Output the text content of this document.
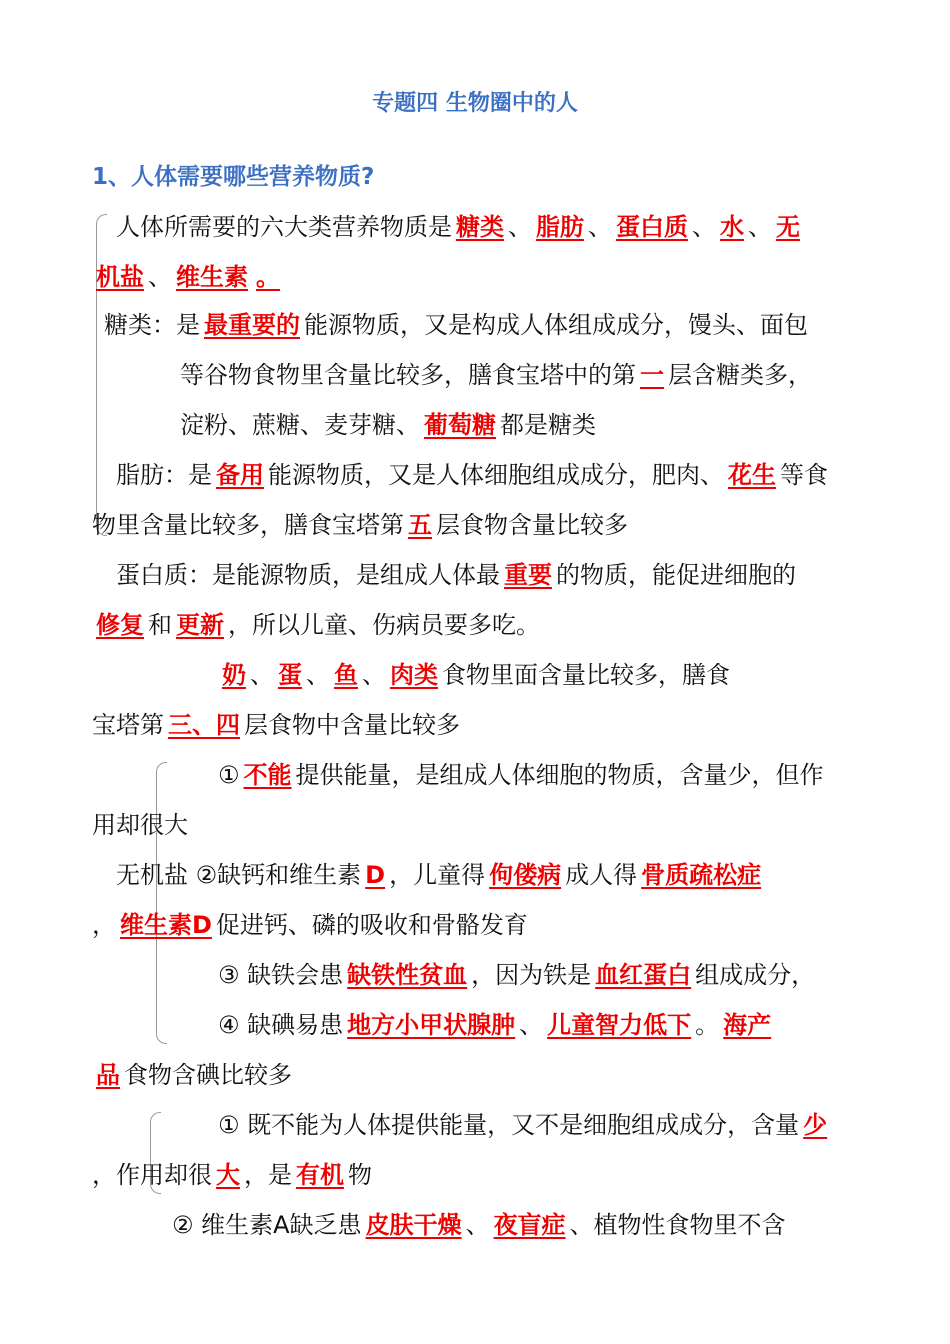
专题四 生物圈中的人
1、人体需要哪些营养物质?
人体所需要的六大类营养物质是 糖类 、 脂肪 、 蛋白质 、 水 、 无
机盐 、 维生素 。
糖类：是 最重要的 能源物质，又是构成人体组成成分，馒头、面包
等谷物食物里含量比较多，膳食宝塔中的第 一 层含糖类多，
淀粉、蔗糖、麦芽糖、 葡萄糖 都是糖类
脂肪：是 备用 能源物质，又是人体细胞组成成分，肥肉、 花生 等食
物里含量比较多，膳食宝塔第 五 层食物含量比较多
蛋白质：是能源物质，是组成人体最 重要 的物质，能促进细胞的
修复 和 更新 ，所以儿童、伤病员要多吃。
奶 、 蛋 、 鱼 、 肉类 食物里面含量比较多，膳食
宝塔第 三、四 层食物中含量比较多
① 不能 提供能量，是组成人体细胞的物质，含量少，但作
用却很大
无机盐 ②缺钙和维生素 D ，儿童得 佝偻病 成人得 骨质疏松症
， 维生素D 促进钙、磷的吸收和骨骼发育
③ 缺铁会患 缺铁性贫血 ，因为铁是 血红蛋白 组成成分，
④ 缺碘易患 地方小甲状腺肿 、 儿童智力低下 。 海产
品 食物含碘比较多
① 既不能为人体提供能量，又不是细胞组成成分，含量 少
，作用却很 大 ，是 有机 物
② 维生素A缺乏患 皮肤干燥 、 夜盲症 、植物性食物里不含
